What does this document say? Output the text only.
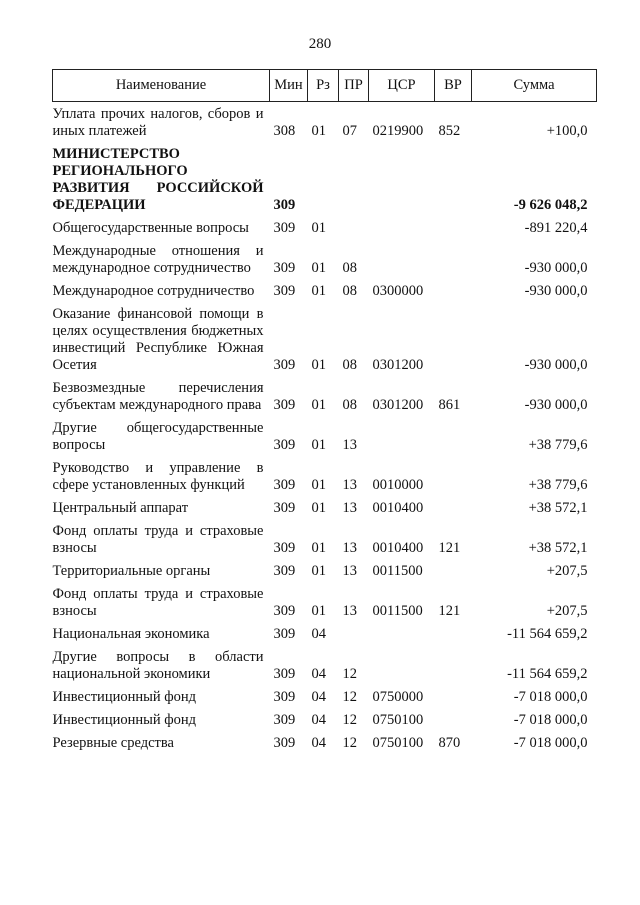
280
Наименование	Мин	Рз	ПР	ЦСР	ВР	Сумма
Уплата прочих налогов, сборов и иных платежей	308	01	07	0219900	852	+100,0
МИНИСТЕРСТВО РЕГИОНАЛЬНОГО РАЗВИТИЯ РОССИЙСКОЙ ФЕДЕРАЦИИ	309					-9 626 048,2
Общегосударственные вопросы	309	01				-891 220,4
Международные отношения и международное сотрудничество	309	01	08			-930 000,0
Международное сотрудничество	309	01	08	0300000		-930 000,0
Оказание финансовой помощи в целях осуществления бюджетных инвестиций Республике Южная Осетия	309	01	08	0301200		-930 000,0
Безвозмездные перечисления субъектам международного права	309	01	08	0301200	861	-930 000,0
Другие общегосударственные вопросы	309	01	13			+38 779,6
Руководство и управление в сфере установленных функций	309	01	13	0010000		+38 779,6
Центральный аппарат	309	01	13	0010400		+38 572,1
Фонд оплаты труда и страховые взносы	309	01	13	0010400	121	+38 572,1
Территориальные органы	309	01	13	0011500		+207,5
Фонд оплаты труда и страховые взносы	309	01	13	0011500	121	+207,5
Национальная экономика	309	04				-11 564 659,2
Другие вопросы в области национальной экономики	309	04	12			-11 564 659,2
Инвестиционный фонд	309	04	12	0750000		-7 018 000,0
Инвестиционный фонд	309	04	12	0750100		-7 018 000,0
Резервные средства	309	04	12	0750100	870	-7 018 000,0
